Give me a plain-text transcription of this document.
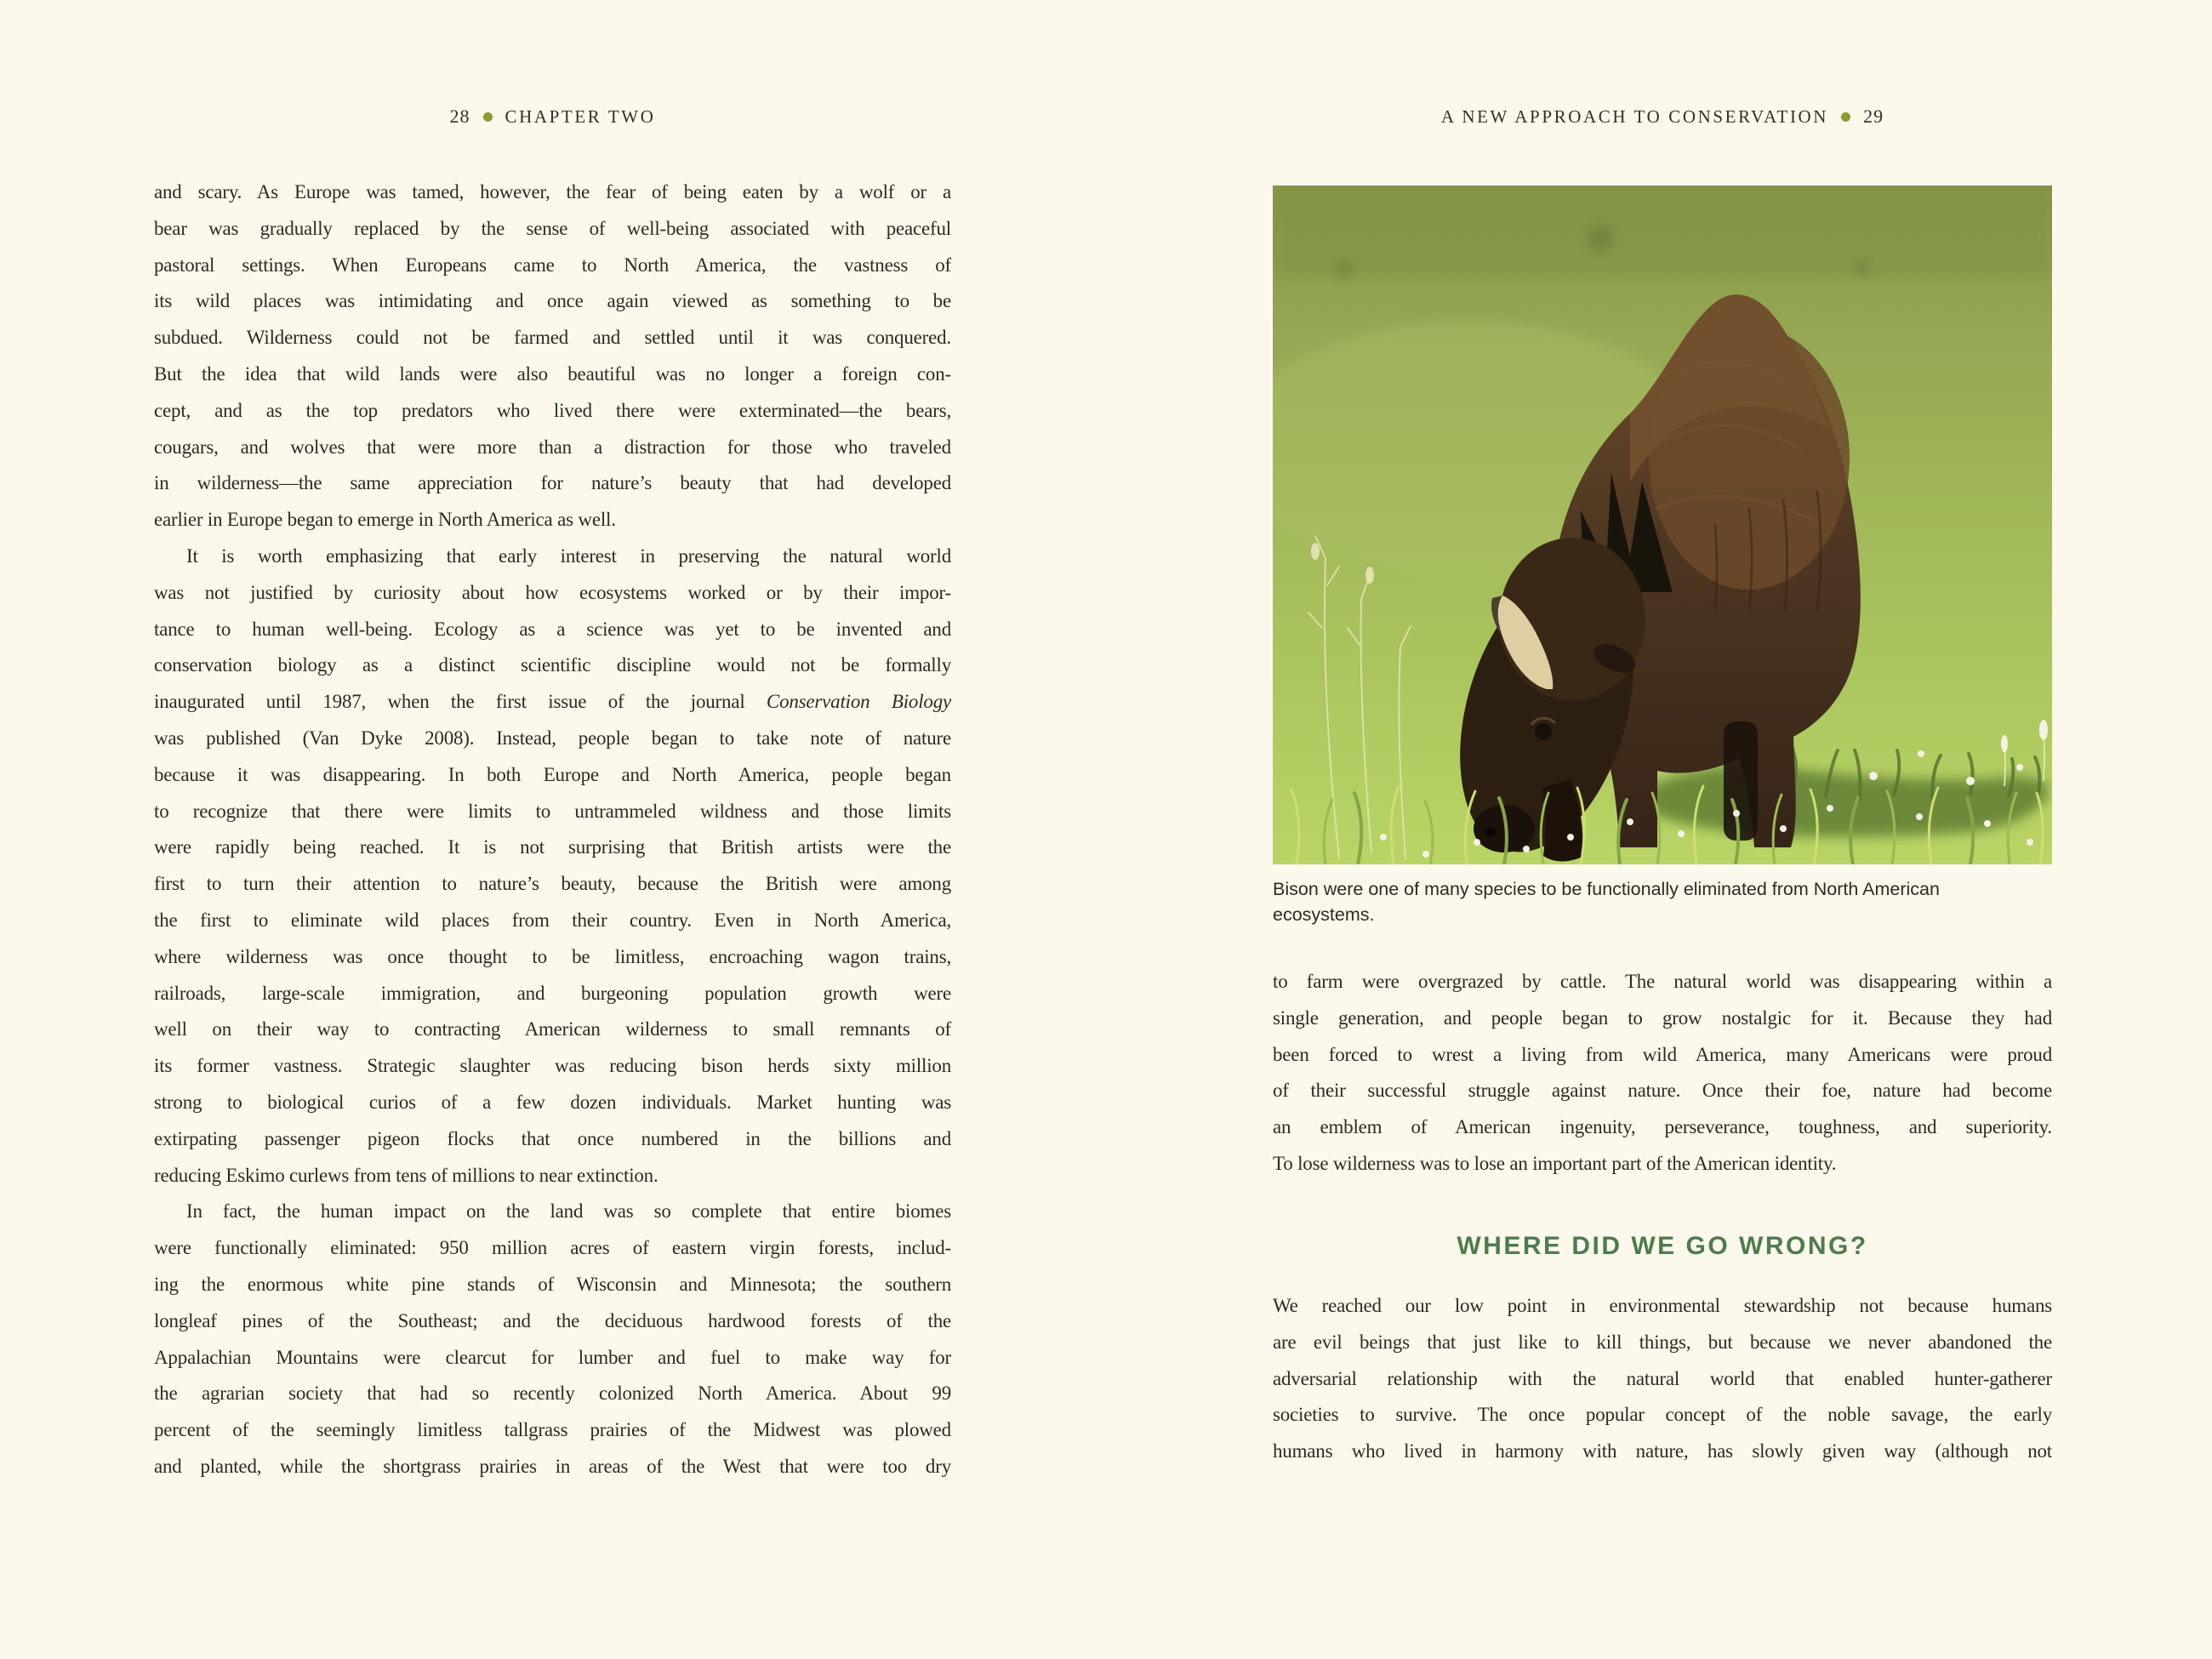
28 CHAPTER TWO	A NEW APPROACH TO CONSERVATION 29
and scary. As Europe was tamed, however, the fear of being eaten by a wolf or a
bear was gradually replaced by the sense of well-being associated with peaceful
pastoral settings. When Europeans came to North America, the vastness of
its wild places was intimidating and once again viewed as something to be
subdued. Wilderness could not be farmed and settled until it was conquered.
But the idea that wild lands were also beautiful was no longer a foreign con-
cept, and as the top predators who lived there were exterminated—the bears,
cougars, and wolves that were more than a distraction for those who traveled
in wilderness—the same appreciation for nature’s beauty that had developed
earlier in Europe began to emerge in North America as well.
It is worth emphasizing that early interest in preserving the natural world
was not justified by curiosity about how ecosystems worked or by their impor-
tance to human well-being. Ecology as a science was yet to be invented and
conservation biology as a distinct scientific discipline would not be formally
inaugurated until 1987, when the first issue of the journal Conservation Biology
was published (Van Dyke 2008). Instead, people began to take note of nature
because it was disappearing. In both Europe and North America, people began
to recognize that there were limits to untrammeled wildness and those limits
were rapidly being reached. It is not surprising that British artists were the
first to turn their attention to nature’s beauty, because the British were among
the first to eliminate wild places from their country. Even in North America,
where wilderness was once thought to be limitless, encroaching wagon trains,
railroads, large-scale immigration, and burgeoning population growth were
well on their way to contracting American wilderness to small remnants of
its former vastness. Strategic slaughter was reducing bison herds sixty million
strong to biological curios of a few dozen individuals. Market hunting was
extirpating passenger pigeon flocks that once numbered in the billions and
reducing Eskimo curlews from tens of millions to near extinction.
In fact, the human impact on the land was so complete that entire biomes
were functionally eliminated: 950 million acres of eastern virgin forests, includ-
ing the enormous white pine stands of Wisconsin and Minnesota; the southern
longleaf pines of the Southeast; and the deciduous hardwood forests of the
Appalachian Mountains were clearcut for lumber and fuel to make way for
the agrarian society that had so recently colonized North America. About 99
percent of the seemingly limitless tallgrass prairies of the Midwest was plowed
and planted, while the shortgrass prairies in areas of the West that were too dry
Bison were one of many species to be functionally eliminated from North American
ecosystems.
to farm were overgrazed by cattle. The natural world was disappearing within a
single generation, and people began to grow nostalgic for it. Because they had
been forced to wrest a living from wild America, many Americans were proud
of their successful struggle against nature. Once their foe, nature had become
an emblem of American ingenuity, perseverance, toughness, and superiority.
To lose wilderness was to lose an important part of the American identity.
WHERE DID WE GO WRONG?
We reached our low point in environmental stewardship not because humans
are evil beings that just like to kill things, but because we never abandoned the
adversarial relationship with the natural world that enabled hunter-gatherer
societies to survive. The once popular concept of the noble savage, the early
humans who lived in harmony with nature, has slowly given way (although not
